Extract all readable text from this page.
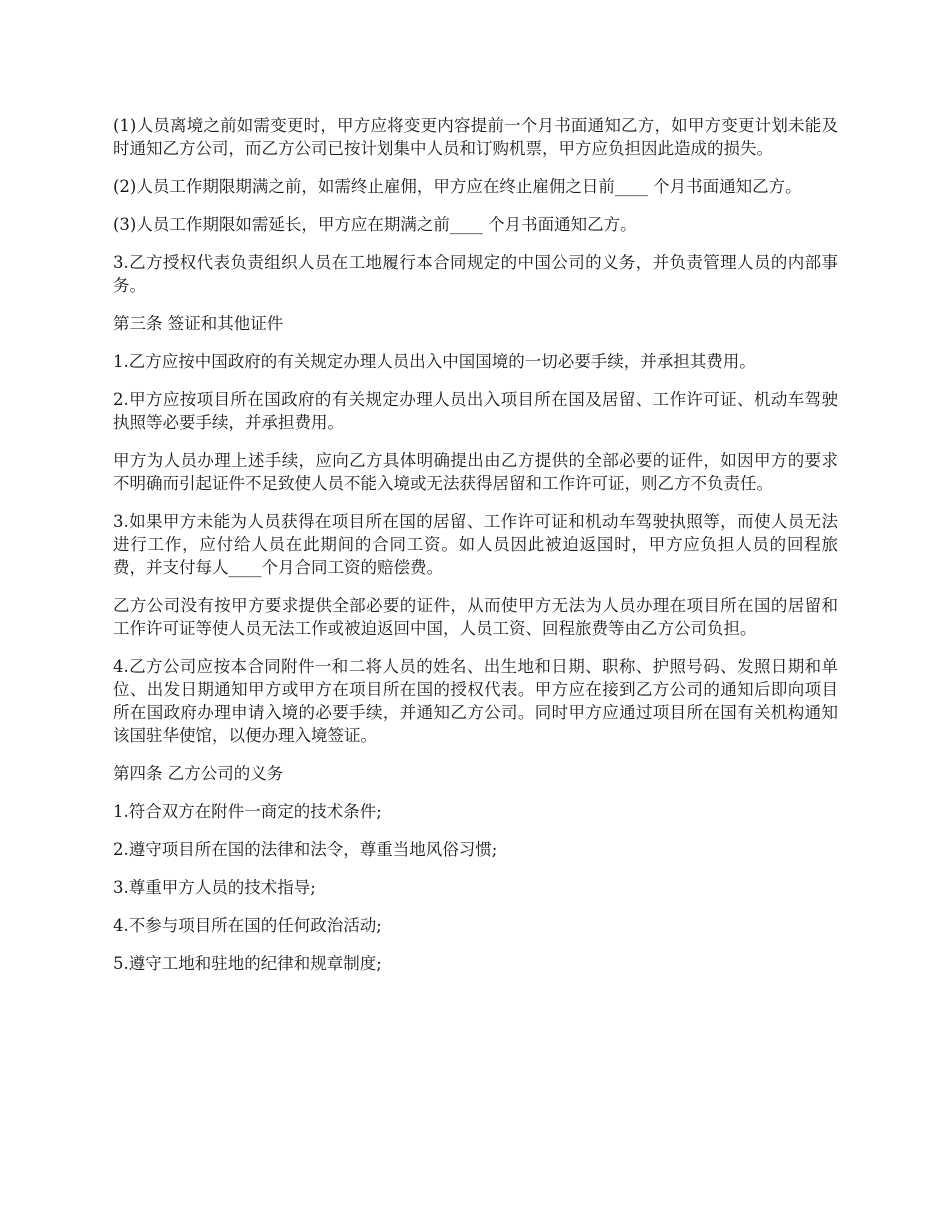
(1)人员离境之前如需变更时，甲方应将变更内容提前一个月书面通知乙方，如甲方变更计划未能及时通知乙方公司，而乙方公司已按计划集中人员和订购机票，甲方应负担因此造成的损失。

(2)人员工作期限期满之前，如需终止雇佣，甲方应在终止雇佣之日前____ 个月书面通知乙方。

(3)人员工作期限如需延长，甲方应在期满之前____ 个月书面通知乙方。

3.乙方授权代表负责组织人员在工地履行本合同规定的中国公司的义务，并负责管理人员的内部事务。

第三条 签证和其他证件

1.乙方应按中国政府的有关规定办理人员出入中国国境的一切必要手续，并承担其费用。

2.甲方应按项目所在国政府的有关规定办理人员出入项目所在国及居留、工作许可证、机动车驾驶执照等必要手续，并承担费用。

甲方为人员办理上述手续，应向乙方具体明确提出由乙方提供的全部必要的证件，如因甲方的要求不明确而引起证件不足致使人员不能入境或无法获得居留和工作许可证，则乙方不负责任。

3.如果甲方未能为人员获得在项目所在国的居留、工作许可证和机动车驾驶执照等，而使人员无法进行工作，应付给人员在此期间的合同工资。如人员因此被迫返国时，甲方应负担人员的回程旅费，并支付每人____个月合同工资的赔偿费。

乙方公司没有按甲方要求提供全部必要的证件，从而使甲方无法为人员办理在项目所在国的居留和工作许可证等使人员无法工作或被迫返回中国，人员工资、回程旅费等由乙方公司负担。

4.乙方公司应按本合同附件一和二将人员的姓名、出生地和日期、职称、护照号码、发照日期和单位、出发日期通知甲方或甲方在项目所在国的授权代表。甲方应在接到乙方公司的通知后即向项目所在国政府办理申请入境的必要手续，并通知乙方公司。同时甲方应通过项目所在国有关机构通知该国驻华使馆，以便办理入境签证。

第四条 乙方公司的义务

1.符合双方在附件一商定的技术条件;

2.遵守项目所在国的法律和法令，尊重当地风俗习惯;

3.尊重甲方人员的技术指导;

4.不参与项目所在国的任何政治活动;

5.遵守工地和驻地的纪律和规章制度;
